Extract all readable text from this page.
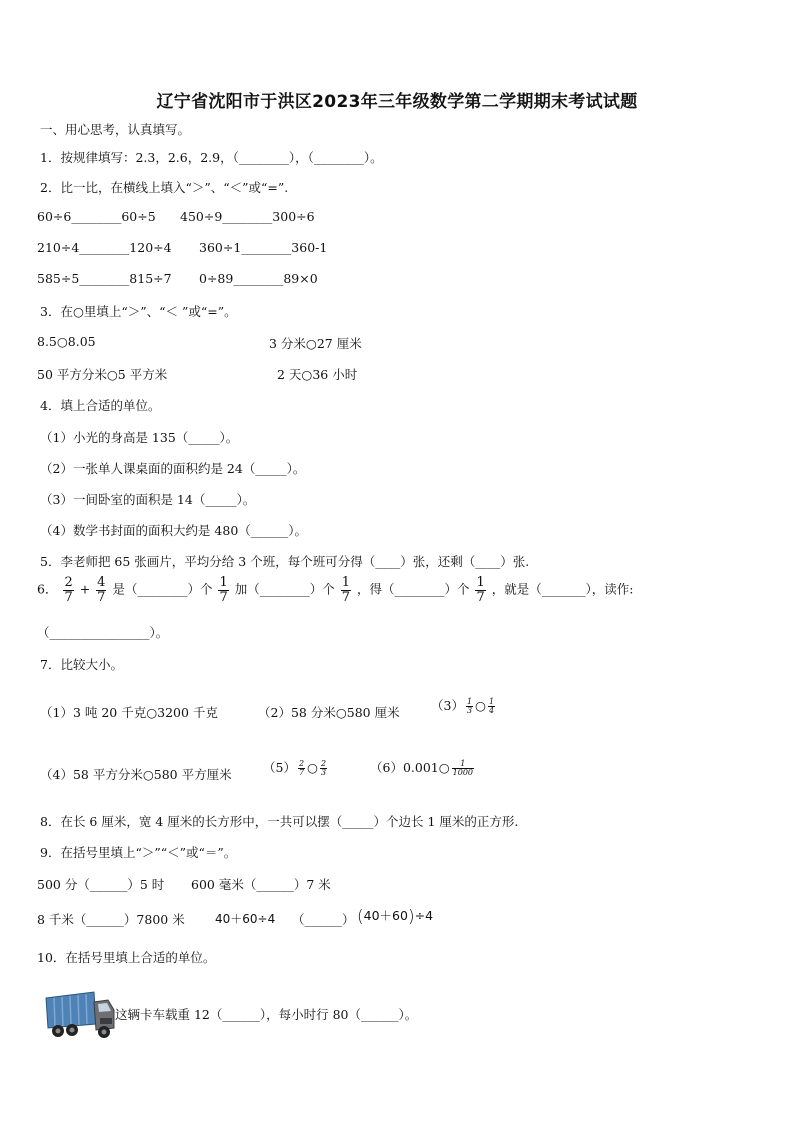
辽宁省沈阳市于洪区2023年三年级数学第二学期期末考试试题
一、用心思考，认真填写。
1．按规律填写：2.3，2.6，2.9，（________），（________）。
2．比一比，在横线上填入“＞”、“＜”或“=”.
60÷6________60÷5 450÷9________300÷6
210÷4________120÷4 360÷1________360-1
585÷5________815÷7 0÷89________89×0
3．在○里填上“＞”、“＜ ”或“=”。
8.5○8.05	3 分米○27 厘米
50 平方分米○5 平方米	2 天○36 小时
4．填上合适的单位。
（1）小光的身高是 135（_____）。
（2）一张单人课桌面的面积约是 24（_____）。
（3）一间卧室的面积是 14（_____）。
（4）数学书封面的面积大约是 480（______）。
5．李老师把 65 张画片，平均分给 3 个班，每个班可分得（____）张，还剩（____）张.
6． $\frac{2}{7} + \frac{4}{7}$ 是（________）个 $\frac{1}{7}$ 加（________）个 $\frac{1}{7}$ ，得（________）个 $\frac{1}{7}$ ，就是（_______），读作:
（________________）。
7．比较大小。
（1）3 吨 20 千克○3200 千克	（2）58 分米○580 厘米	$(3) \frac{1}{3}$ ○ $\frac{1}{4}$
（4）58 平方分米○580 平方厘米	$(5) \frac{2}{7}$ ○ $\frac{2}{3}$	（6）0.001○ $\frac{1}{1000}$
8．在长 6 厘米，宽 4 厘米的长方形中，一共可以摆（_____）个边长 1 厘米的正方形.
9．在括号里填上“＞”“＜”或“＝”。
500 分（______）5 时 600 毫米（______）7 米
8 千米（______）7800 米	40＋60÷4 （______） (40＋60)÷4
10．在括号里填上合适的单位。
这辆卡车载重 12（______），每小时行 80（______）。
